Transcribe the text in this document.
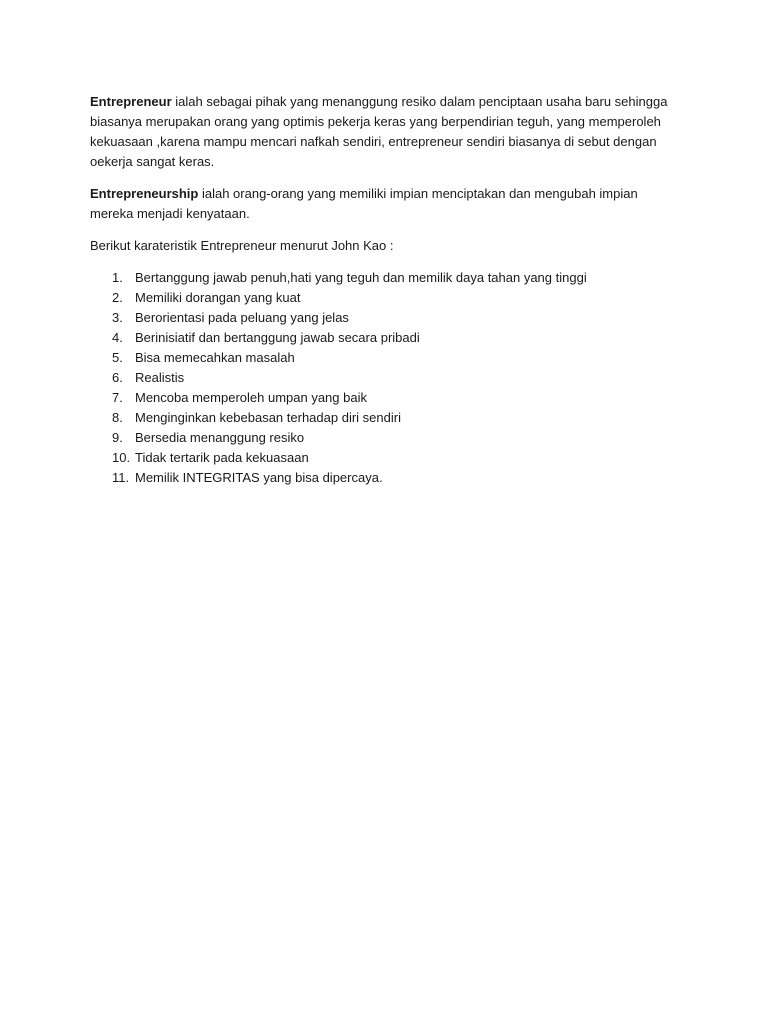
Entrepreneur ialah sebagai pihak yang menanggung resiko dalam penciptaan usaha baru sehingga biasanya merupakan orang yang optimis pekerja keras yang berpendirian teguh, yang memperoleh kekuasaan ,karena mampu mencari nafkah sendiri, entrepreneur sendiri biasanya di sebut dengan oekerja sangat keras.

Entrepreneurship ialah orang-orang yang memiliki impian menciptakan dan mengubah impian mereka menjadi kenyataan.

Berikut karateristik Entrepreneur menurut John Kao :

1. Bertanggung jawab penuh,hati yang teguh dan memilik daya tahan yang tinggi
2. Memiliki dorangan yang kuat
3. Berorientasi pada peluang yang jelas
4. Berinisiatif dan bertanggung jawab secara pribadi
5. Bisa memecahkan masalah
6. Realistis
7. Mencoba memperoleh umpan yang baik
8. Menginginkan kebebasan terhadap diri sendiri
9. Bersedia menanggung resiko
10. Tidak tertarik pada kekuasaan
11. Memilik INTEGRITAS yang bisa dipercaya.
